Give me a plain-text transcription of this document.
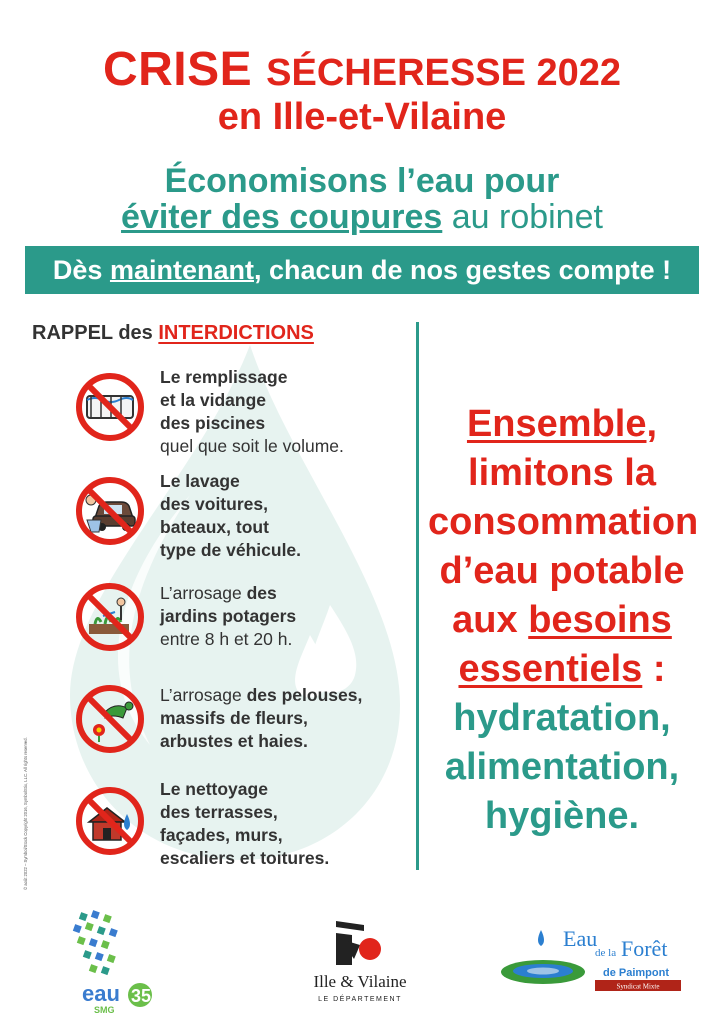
CRISE SÉCHERESSE 2022
en Ille-et-Vilaine
Économisons l’eau pour
éviter des coupures au robinet
Dès maintenant, chacun de nos gestes compte !
RAPPEL des INTERDICTIONS
Le remplissage
et la vidange
des piscines
quel que soit le volume.
Le lavage
des voitures,
bateaux, tout
type de véhicule.
L’arrosage des
jardins potagers
entre 8 h et 20 h.
L’arrosage des pelouses,
massifs de fleurs,
arbustes et haies.
Le nettoyage
des terrasses,
façades, murs,
escaliers et toitures.
Ensemble,
limitons la
consommation
d’eau potable
aux besoins
essentiels :
hydratation,
alimentation,
hygiène.
© août 2022 – Symbol/Stock Copyright 2016, SymbolStix, LLC. All rights reserved.
eau 35
SMG
Ille & Vilaine
LE DÉPARTEMENT
Eau
de la Forêt
de Paimpont
Syndicat Mixte
